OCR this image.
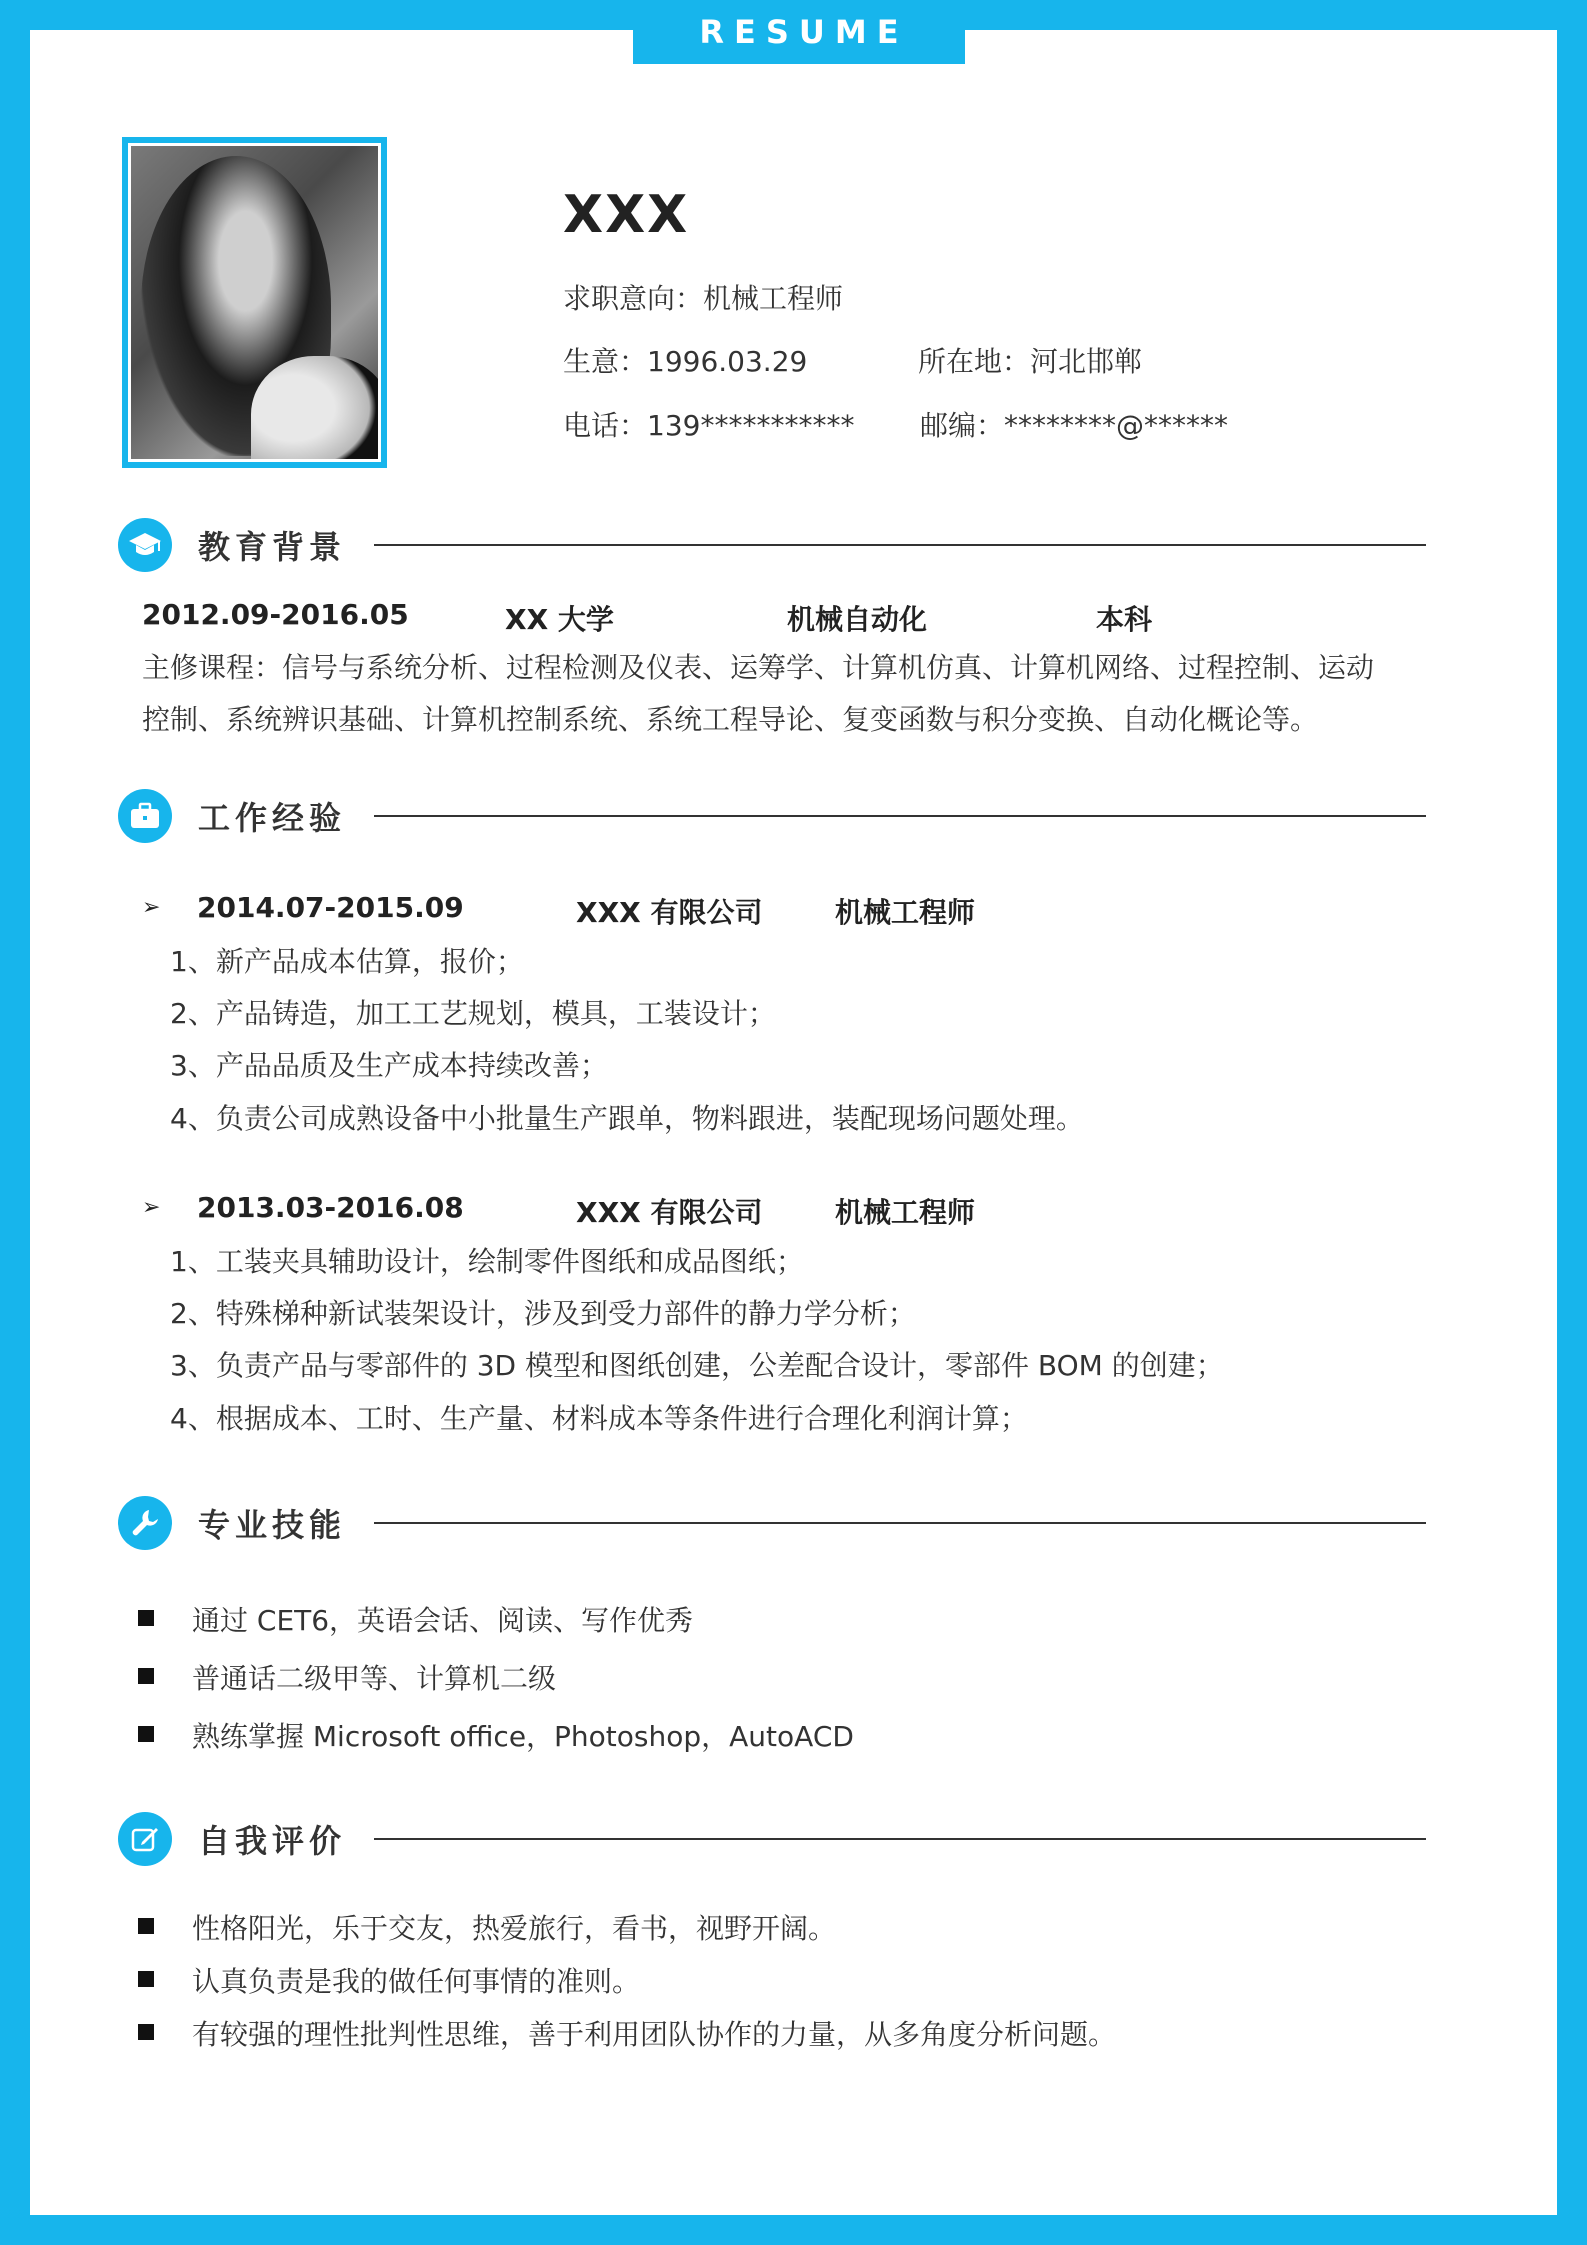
RESUME
XXX
求职意向：机械工程师
生意：1996.03.29	所在地：河北邯郸
电话：139*********** 邮编：********@******
教育背景
2012.09-2016.05	XX 大学	机械自动化	本科
主修课程：信号与系统分析、过程检测及仪表、运筹学、计算机仿真、计算机网络、过程控制、运动
控制、系统辨识基础、计算机控制系统、系统工程导论、复变函数与积分变换、自动化概论等。
工作经验
➢ 2014.07-2015.09	XXX 有限公司	机械工程师
1、新产品成本估算，报价；
2、产品铸造，加工工艺规划，模具，工装设计；
3、产品品质及生产成本持续改善；
4、负责公司成熟设备中小批量生产跟单，物料跟进，装配现场问题处理。
➢ 2013.03-2016.08	XXX 有限公司	机械工程师
1、工装夹具辅助设计，绘制零件图纸和成品图纸；
2、特殊梯种新试装架设计，涉及到受力部件的静力学分析；
3、负责产品与零部件的 3D 模型和图纸创建，公差配合设计，零部件 BOM 的创建；
4、根据成本、工时、生产量、材料成本等条件进行合理化利润计算；
专业技能
通过 CET6，英语会话、阅读、写作优秀
普通话二级甲等、计算机二级
熟练掌握 Microsoft office，Photoshop，AutoACD
自我评价
性格阳光，乐于交友，热爱旅行，看书，视野开阔。
认真负责是我的做任何事情的准则。
有较强的理性批判性思维，善于利用团队协作的力量，从多角度分析问题。
